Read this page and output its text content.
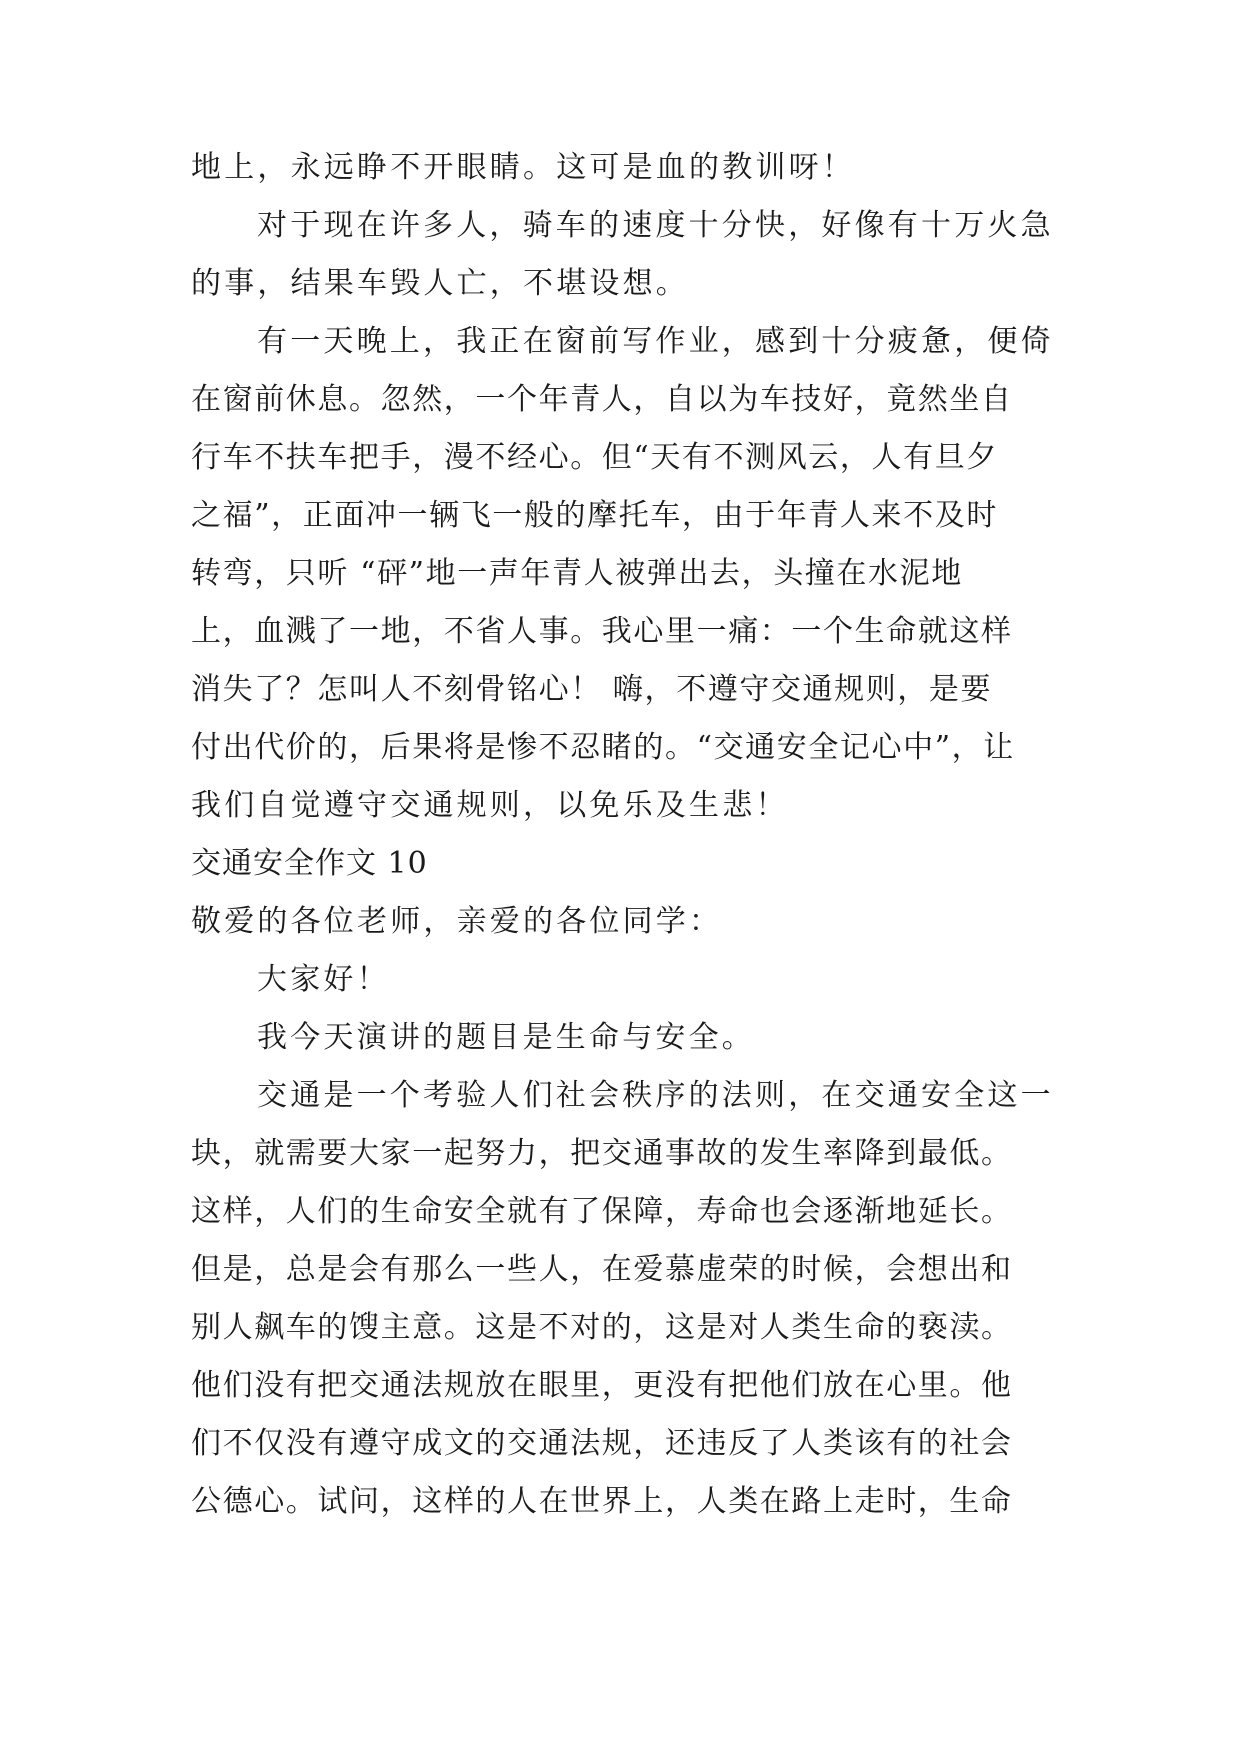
地上，永远睁不开眼睛。这可是血的教训呀！
对于现在许多人，骑车的速度十分快，好像有十万火急
的事，结果车毁人亡，不堪设想。
有一天晚上，我正在窗前写作业，感到十分疲惫，便倚
在窗前休息。忽然，一个年青人，自以为车技好，竟然坐自
行车不扶车把手，漫不经心。但“天有不测风云，人有旦夕
之福”，正面冲一辆飞一般的摩托车，由于年青人来不及时
转弯，只听 “砰”地一声年青人被弹出去，头撞在水泥地
上，血溅了一地，不省人事。我心里一痛：一个生命就这样
消失了？怎叫人不刻骨铭心！ 嗨，不遵守交通规则，是要
付出代价的，后果将是惨不忍睹的。“交通安全记心中”，让
我们自觉遵守交通规则，以免乐及生悲！
交通安全作文 10
敬爱的各位老师，亲爱的各位同学：
大家好！
我今天演讲的题目是生命与安全。
交通是一个考验人们社会秩序的法则，在交通安全这一
块，就需要大家一起努力，把交通事故的发生率降到最低。
这样，人们的生命安全就有了保障，寿命也会逐渐地延长。
但是，总是会有那么一些人，在爱慕虚荣的时候，会想出和
别人飙车的馊主意。这是不对的，这是对人类生命的亵渎。
他们没有把交通法规放在眼里，更没有把他们放在心里。他
们不仅没有遵守成文的交通法规，还违反了人类该有的社会
公德心。试问，这样的人在世界上，人类在路上走时，生命
